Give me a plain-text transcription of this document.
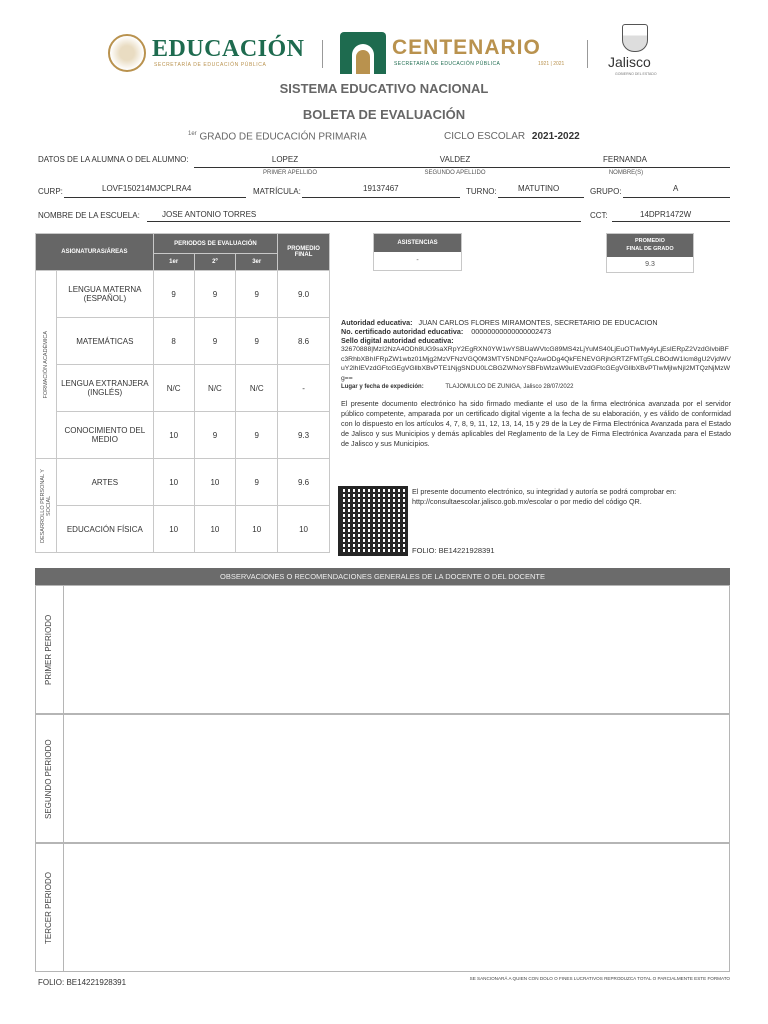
EDUCACIÓN
SECRETARÍA DE EDUCACIÓN PÚBLICA
CENTENARIO
SECRETARÍA DE EDUCACIÓN PÚBLICA	1921 | 2021	Jalisco
GOBIERNO DEL ESTADO
SISTEMA EDUCATIVO NACIONAL
BOLETA DE EVALUACIÓN
$^{1er}$ GRADO DE EDUCACIÓN PRIMARIA	CICLO ESCOLAR 2021-2022
DATOS DE LA ALUMNA O DEL ALUMNO:	LOPEZ	VALDEZ	FERNANDA
PRIMER APELLIDO	SEGUNDO APELLIDO	NOMBRE(S)
CURP:	LOVF150214MJCPLRA4	MATRÍCULA:	19137467	TURNO:	MATUTINO	GRUPO:	A
NOMBRE DE LA ESCUELA:	JOSE ANTONIO TORRES	CCT:	14DPR1472W
ASIGNATURAS/ÁREAS		PERIODOS DE EVALUACIÓN			PROMEDIO
FINAL
		1er	2º	3er	

FORMACIÓN ACADÉMICA	LENGUA MATERNA (ESPAÑOL)	9	9	9	9.0
	MATEMÁTICAS	8	9	9	8.6
	LENGUA EXTRANJERA (INGLÉS)	N/C	N/C	N/C	-
	CONOCIMIENTO DEL MEDIO	10	9	9	9.3

DESARROLLO PERSONAL Y SOCIAL	ARTES	10	10	9	9.6
	EDUCACIÓN FÍSICA	10	10	10	10
ASISTENCIAS
-
PROMEDIO
FINAL DE GRADO
9.3
Autoridad educativa: JUAN CARLOS FLORES MIRAMONTES, SECRETARIO DE EDUCACION
No. certificado autoridad educativa: 00000000000000002473
Sello digital autoridad educativa:
32670888|MzI2NzA4ODh8UG9saXRpY2EgRXN0YW1wYSBUaWVtcG89MS4zLjYuMS40LjEuOTIwMy4yLjEsIERpZ2VzdGlvbiBFc3RhbXBhIFRpZW1wbz01Mjg2MzVFNzVGQ0M3MTY5NDNFQzAwODg4QkFENEVGRjhGRTZFMTg5LCBOdW1lcm8gU2VjdWVuY2lhIEVzdGFtcGEgVGllbXBvPTE1NjgSNDU0LCBGZWNoYSBFbWlzaW9uIEVzdGFtcGEgVGllbXBvPTIwMjIwNjI2MTQzNjMzWg==
Lugar y fecha de expedición:	TLAJOMULCO DE ZUNIGA, Jalisco 28/07/2022
El presente documento electrónico ha sido firmado mediante el uso de la firma electrónica avanzada por el servidor público competente, amparada por un certificado digital vigente a la fecha de su elaboración, y es válido de conformidad con lo dispuesto en los artículos 4, 7, 8, 9, 11, 12, 13, 14, 15 y 29 de la Ley de Firma Electrónica Avanzada para el Estado de Jalisco y sus Municipios y demás aplicables del Reglamento de la Ley de Firma Electrónica Avanzada para el Estado de Jalisco y sus Municipios.
El presente documento electrónico, su integridad y autoría se podrá comprobar en: http://consultaescolar.jalisco.gob.mx/escolar o por medio del código QR.
FOLIO: BE14221928391
OBSERVACIONES O RECOMENDACIONES GENERALES DE LA DOCENTE O DEL DOCENTE
PRIMER PERIODO
SEGUNDO PERIODO
TERCER PERIODO
FOLIO: BE14221928391	SE SANCIONARÁ A QUIEN CON DOLO O FINES LUCRATIVOS REPRODUZCA TOTAL O PARCIALMENTE ESTE FORMATO
